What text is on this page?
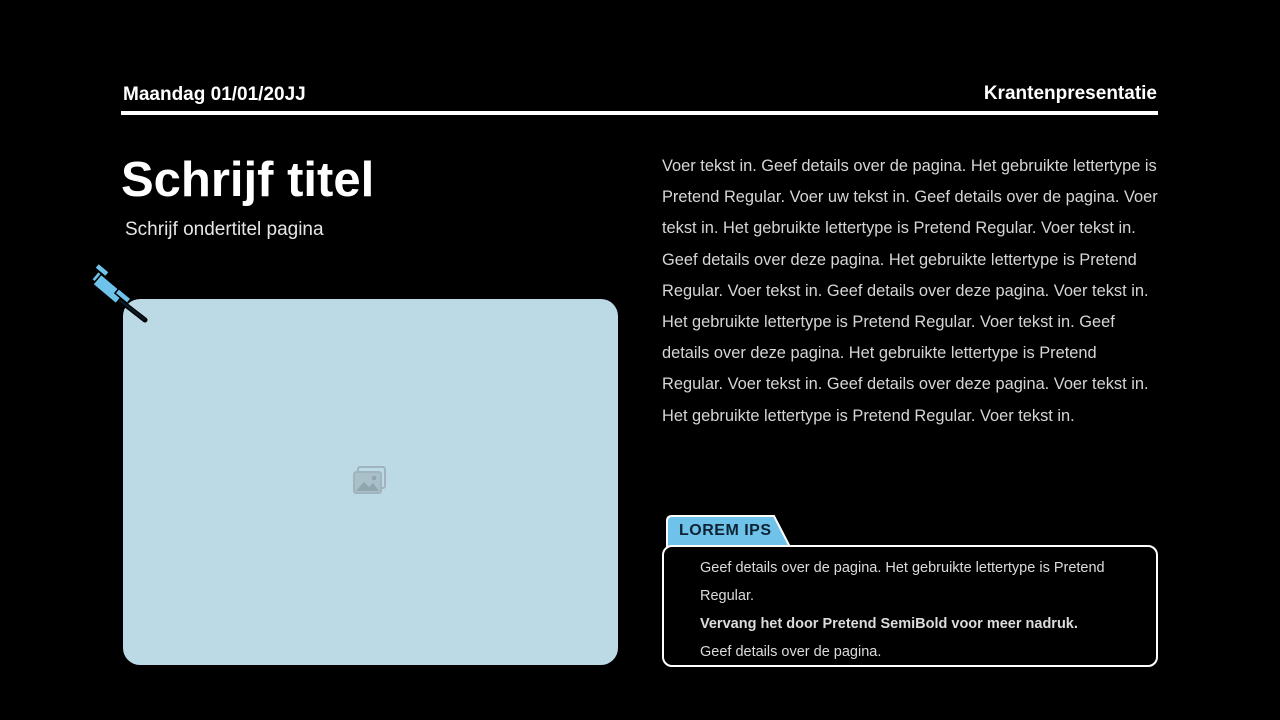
Maandag 01/01/20JJ	Krantenpresentatie
Schrijf titel

Schrijf ondertitel pagina

Voer tekst in. Geef details over de pagina. Het gebruikte lettertype is Pretend Regular. Voer uw tekst in. Geef details over de pagina. Voer tekst in. Het gebruikte lettertype is Pretend Regular. Voer tekst in. Geef details over deze pagina. Het gebruikte lettertype is Pretend Regular. Voer tekst in. Geef details over deze pagina. Voer tekst in. Het gebruikte lettertype is Pretend Regular. Voer tekst in. Geef details over deze pagina. Het gebruikte lettertype is Pretend Regular. Voer tekst in. Geef details over deze pagina. Voer tekst in. Het gebruikte lettertype is Pretend Regular. Voer tekst in.

LOREM IPS

Geef details over de pagina. Het gebruikte lettertype is Pretend Regular.

Vervang het door Pretend SemiBold voor meer nadruk.

Geef details over de pagina.
